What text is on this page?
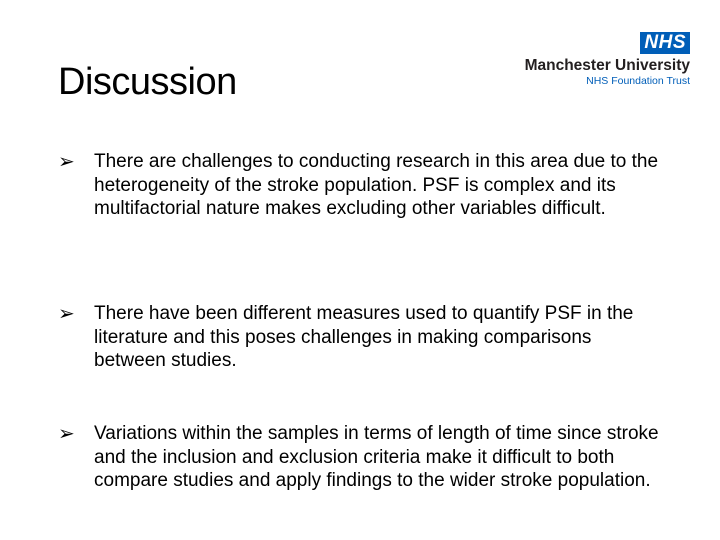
Discussion
NHS
Manchester University
NHS Foundation Trust
➢	There are challenges to conducting research in this area due to the heterogeneity of the stroke population. PSF is complex and its multifactorial nature makes excluding other variables difficult.
➢	There have been different measures used to quantify PSF in the literature and this poses challenges in making comparisons between studies.
➢	Variations within the samples in terms of length of time since stroke and the inclusion and exclusion criteria make it difficult to both compare studies and apply findings to the wider stroke population.
